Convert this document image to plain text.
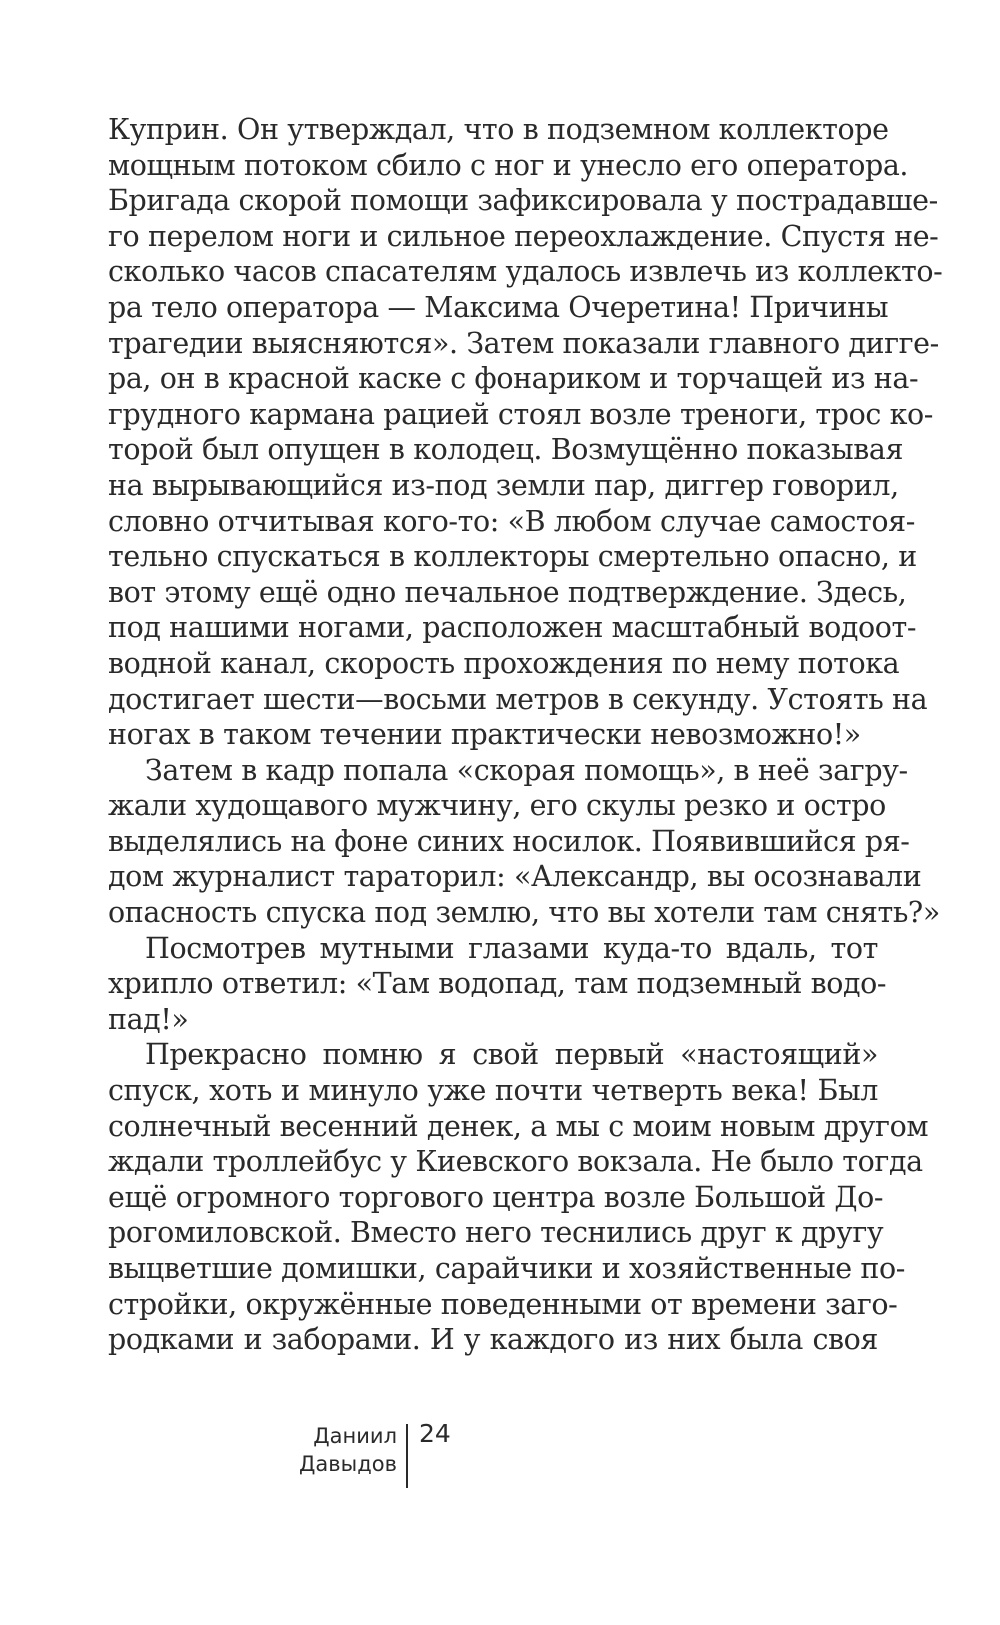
Куприн. Он утверждал, что в подземном коллекторе
мощным потоком сбило с ног и унесло его оператора.
Бригада скорой помощи зафиксировала у пострадавше-
го перелом ноги и сильное переохлаждение. Спустя не-
сколько часов спасателям удалось извлечь из коллекто-
ра тело оператора — Максима Очеретина! Причины
трагедии выясняются». Затем показали главного дигге-
ра, он в красной каске с фонариком и торчащей из на-
грудного кармана рацией стоял возле треноги, трос ко-
торой был опущен в колодец. Возмущённо показывая
на вырывающийся из-под земли пар, диггер говорил,
словно отчитывая кого-то: «В любом случае самостоя-
тельно спускаться в коллекторы смертельно опасно, и
вот этому ещё одно печальное подтверждение. Здесь,
под нашими ногами, расположен масштабный водоот-
водной канал, скорость прохождения по нему потока
достигает шести—восьми метров в секунду. Устоять на
ногах в таком течении практически невозможно!»

Затем в кадр попала «скорая помощь», в неё загру-
жали худощавого мужчину, его скулы резко и остро
выделялись на фоне синих носилок. Появившийся ря-
дом журналист тараторил: «Александр, вы осознавали
опасность спуска под землю, что вы хотели там снять?»

Посмотрев мутными глазами куда-то вдаль, тот
хрипло ответил: «Там водопад, там подземный водо-
пад!»

Прекрасно помню я свой первый «настоящий»
спуск, хоть и минуло уже почти четверть века! Был
солнечный весенний денек, а мы с моим новым другом
ждали троллейбус у Киевского вокзала. Не было тогда
ещё огромного торгового центра возле Большой До-
рогомиловской. Вместо него теснились друг к другу
выцветшие домишки, сарайчики и хозяйственные по-
стройки, окружённые поведенными от времени заго-
родками и заборами. И у каждого из них была своя

Даниил
Давыдов
24
